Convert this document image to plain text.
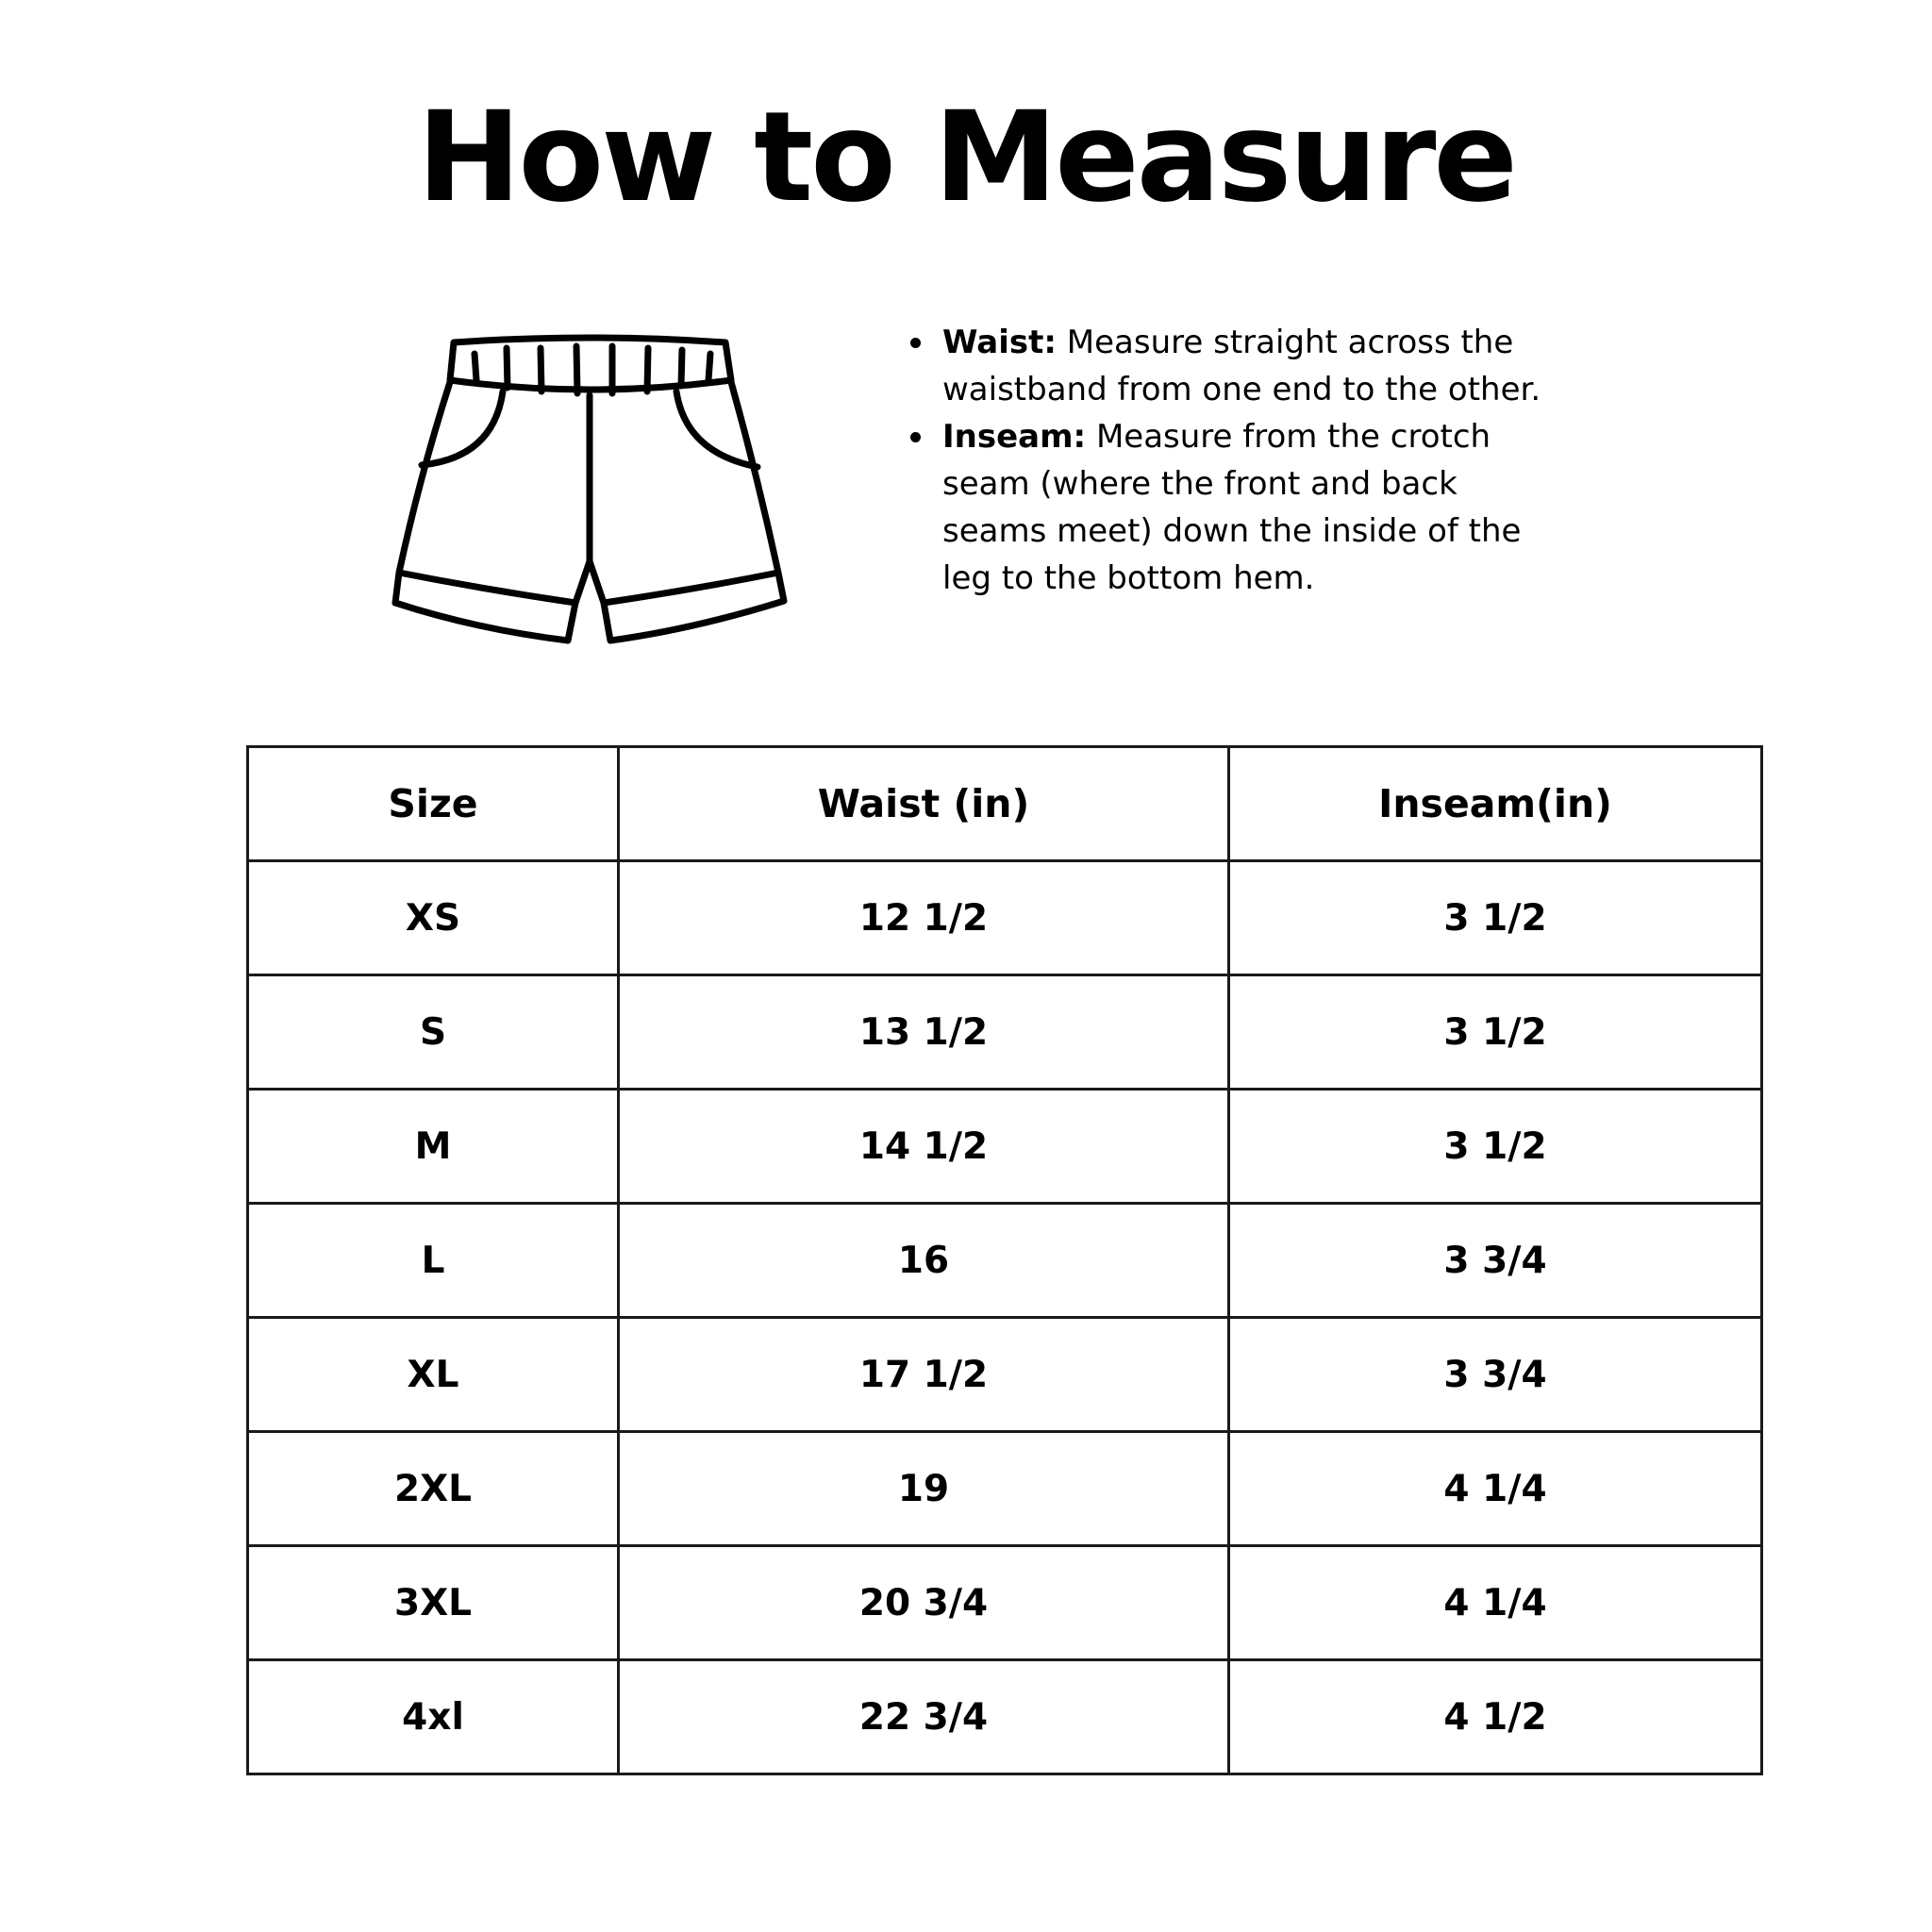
How to Measure
Waist: Measure straight across the waistband from one end to the other.
Inseam: Measure from the crotch seam (where the front and back seams meet) down the inside of the leg to the bottom hem.
Size	Waist (in)	Inseam(in)
XS	12 1/2	3 1/2
S	13 1/2	3 1/2
M	14 1/2	3 1/2
L	16	3 3/4
XL	17 1/2	3 3/4
2XL	19	4 1/4
3XL	20 3/4	4 1/4
4xl	22 3/4	4 1/2
